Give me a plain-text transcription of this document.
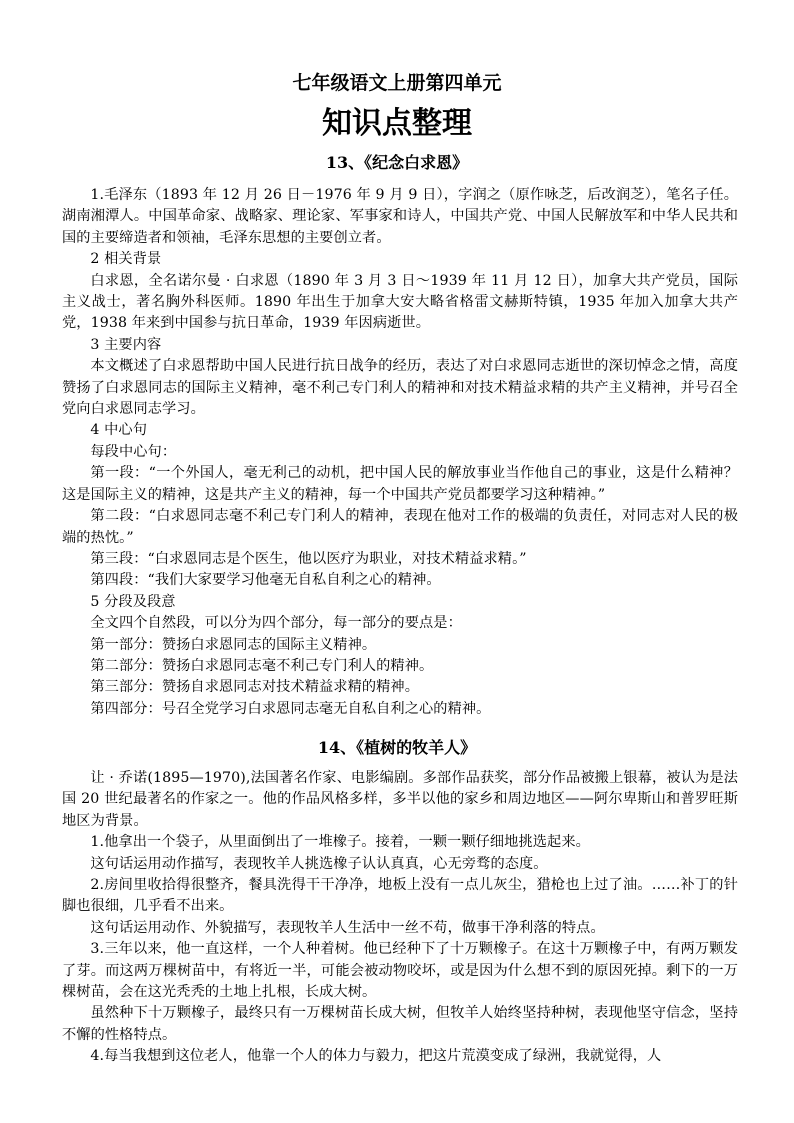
七年级语文上册第四单元
知识点整理
13、《纪念白求恩》

1.毛泽东（1893 年 12 月 26 日－1976 年 9 月 9 日），字润之（原作咏芝，后改润芝），笔名子任。湖南湘潭人。中国革命家、战略家、理论家、军事家和诗人，中国共产党、中国人民解放军和中华人民共和国的主要缔造者和领袖，毛泽东思想的主要创立者。

2 相关背景

白求恩，全名诺尔曼 · 白求恩（1890 年 3 月 3 日～1939 年 11 月 12 日），加拿大共产党员，国际主义战士，著名胸外科医师。1890 年出生于加拿大安大略省格雷文赫斯特镇，1935 年加入加拿大共产党，1938 年来到中国参与抗日革命，1939 年因病逝世。

3 主要内容

本文概述了白求恩帮助中国人民进行抗日战争的经历，表达了对白求恩同志逝世的深切悼念之情，高度赞扬了白求恩同志的国际主义精神，毫不利己专门利人的精神和对技术精益求精的共产主义精神，并号召全党向白求恩同志学习。

4 中心句

每段中心句：

第一段：“一个外国人，毫无利己的动机，把中国人民的解放事业当作他自己的事业，这是什么精神？这是国际主义的精神，这是共产主义的精神，每一个中国共产党员都要学习这种精神。”

第二段：“白求恩同志毫不利己专门利人的精神，表现在他对工作的极端的负责任，对同志对人民的极端的热忱。”

第三段：“白求恩同志是个医生，他以医疗为职业，对技术精益求精。”

第四段：“我们大家要学习他毫无自私自利之心的精神。

5 分段及段意

全文四个自然段，可以分为四个部分，每一部分的要点是：

第一部分：赞扬白求恩同志的国际主义精神。

第二部分：赞扬白求恩同志毫不利己专门利人的精神。

第三部分：赞扬自求恩同志对技术精益求精的精神。

第四部分：号召全党学习白求恩同志毫无自私自利之心的精神。

14、《植树的牧羊人》

让 · 乔诺(1895—1970),法国著名作家、电影编剧。多部作品获奖，部分作品被搬上银幕，被认为是法国 20 世纪最著名的作家之一。他的作品风格多样，多半以他的家乡和周边地区——阿尔卑斯山和普罗旺斯地区为背景。

1.他拿出一个袋子，从里面倒出了一堆橡子。接着，一颗一颗仔细地挑选起来。

这句话运用动作描写，表现牧羊人挑选橡子认认真真，心无旁骛的态度。

2.房间里收拾得很整齐，餐具洗得干干净净，地板上没有一点儿灰尘，猎枪也上过了油。……补丁的针脚也很细，几乎看不出来。

这句话运用动作、外貌描写，表现牧羊人生活中一丝不苟，做事干净利落的特点。

3.三年以来，他一直这样，一个人种着树。他已经种下了十万颗橡子。在这十万颗橡子中，有两万颗发了芽。而这两万棵树苗中，有将近一半，可能会被动物咬坏，或是因为什么想不到的原因死掉。剩下的一万棵树苗，会在这光秃秃的土地上扎根，长成大树。

虽然种下十万颗橡子，最终只有一万棵树苗长成大树，但牧羊人始终坚持种树，表现他坚守信念，坚持不懈的性格特点。

4.每当我想到这位老人，他靠一个人的体力与毅力，把这片荒漠变成了绿洲，我就觉得，人
